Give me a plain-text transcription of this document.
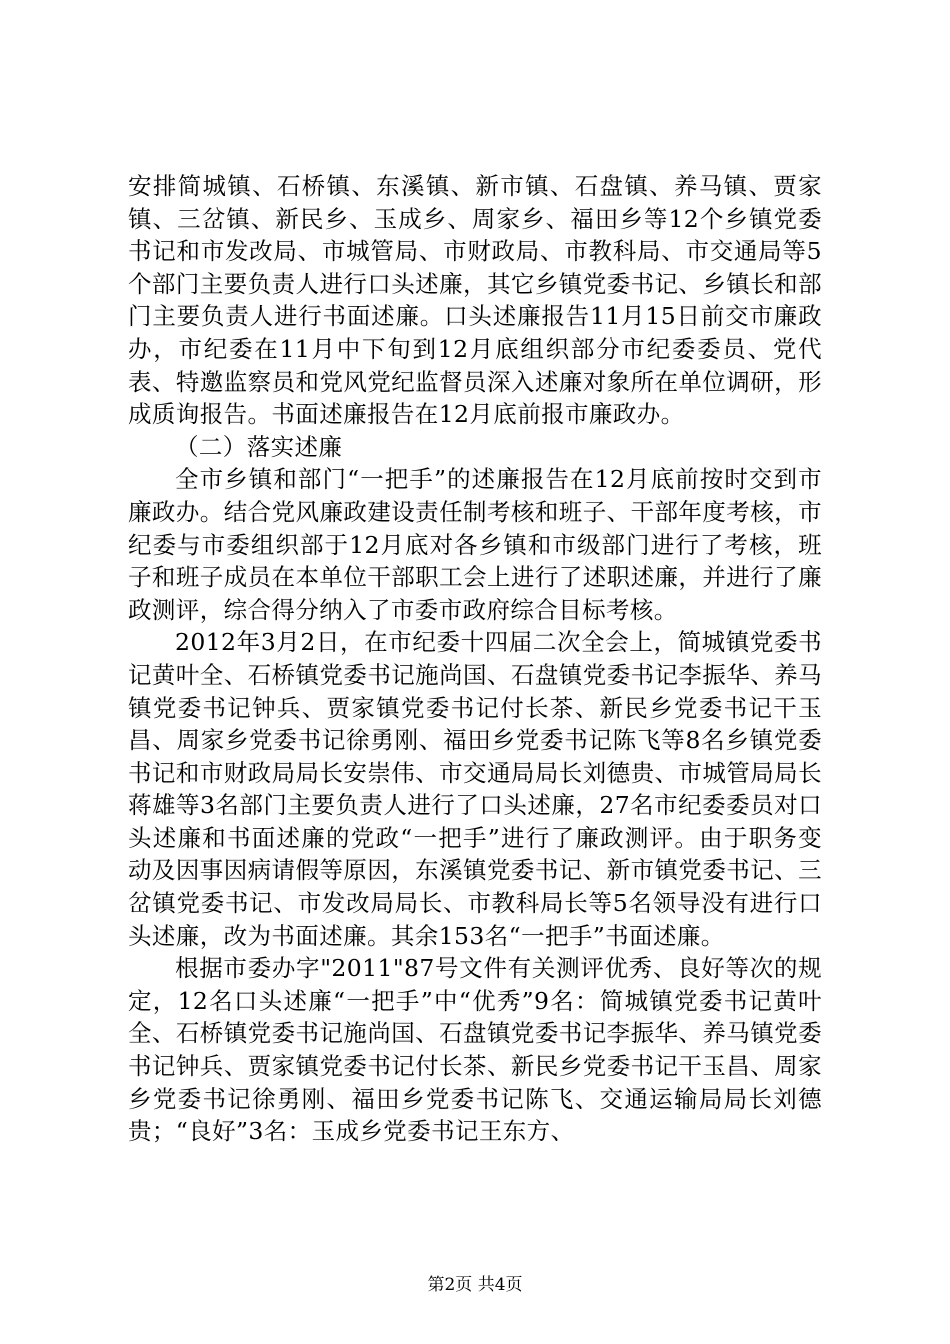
安排简城镇、石桥镇、东溪镇、新市镇、石盘镇、养马镇、贾家镇、三岔镇、新民乡、玉成乡、周家乡、福田乡等12个乡镇党委书记和市发改局、市城管局、市财政局、市教科局、市交通局等5个部门主要负责人进行口头述廉，其它乡镇党委书记、乡镇长和部门主要负责人进行书面述廉。口头述廉报告11月15日前交市廉政办，市纪委在11月中下旬到12月底组织部分市纪委委员、党代表、特邀监察员和党风党纪监督员深入述廉对象所在单位调研，形成质询报告。书面述廉报告在12月底前报市廉政办。

（二）落实述廉

全市乡镇和部门“一把手”的述廉报告在12月底前按时交到市廉政办。结合党风廉政建设责任制考核和班子、干部年度考核，市纪委与市委组织部于12月底对各乡镇和市级部门进行了考核，班子和班子成员在本单位干部职工会上进行了述职述廉，并进行了廉政测评，综合得分纳入了市委市政府综合目标考核。

2012年3月2日，在市纪委十四届二次全会上，简城镇党委书记黄叶全、石桥镇党委书记施尚国、石盘镇党委书记李振华、养马镇党委书记钟兵、贾家镇党委书记付长茶、新民乡党委书记干玉昌、周家乡党委书记徐勇刚、福田乡党委书记陈飞等8名乡镇党委书记和市财政局局长安崇伟、市交通局局长刘德贵、市城管局局长蒋雄等3名部门主要负责人进行了口头述廉，27名市纪委委员对口头述廉和书面述廉的党政“一把手”进行了廉政测评。由于职务变动及因事因病请假等原因，东溪镇党委书记、新市镇党委书记、三岔镇党委书记、市发改局局长、市教科局长等5名领导没有进行口头述廉，改为书面述廉。其余153名“一把手”书面述廉。

根据市委办字"2011"87号文件有关测评优秀、良好等次的规定，12名口头述廉“一把手”中“优秀”9名：简城镇党委书记黄叶全、石桥镇党委书记施尚国、石盘镇党委书记李振华、养马镇党委书记钟兵、贾家镇党委书记付长茶、新民乡党委书记干玉昌、周家乡党委书记徐勇刚、福田乡党委书记陈飞、交通运输局局长刘德贵；“良好”3名：玉成乡党委书记王东方、

第2页 共4页
